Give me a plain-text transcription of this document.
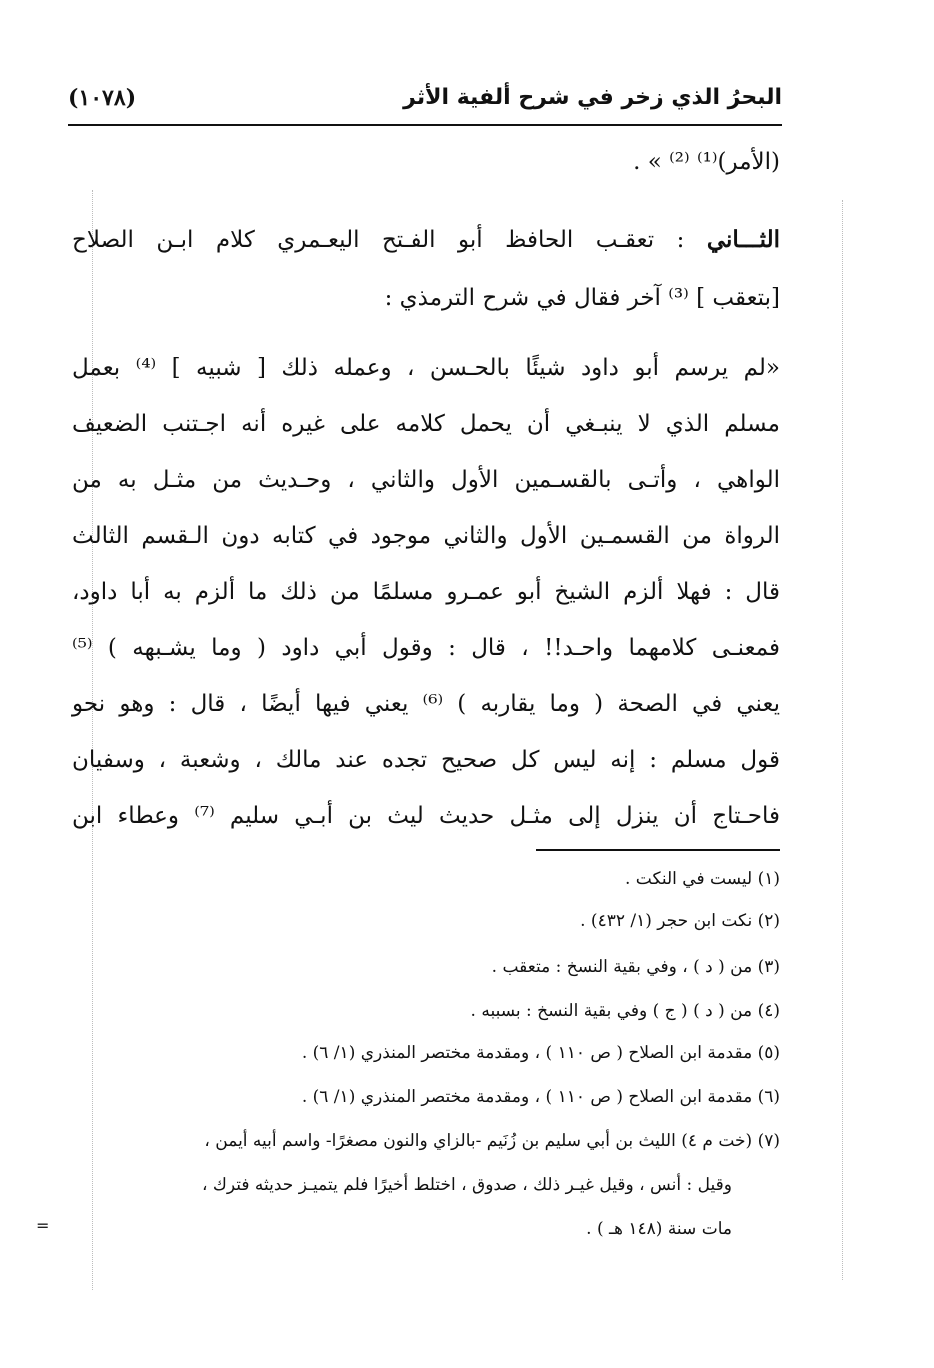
البحرُ الذي زخر في شرح ألفية الأثر
(١٠٧٨)
(الأمر)⁽¹⁾ ⁽²⁾ » .
الثـــاني : تعقـب الحافظ أبو الفـتح اليعـمري كلام ابـن الصلاح
[بتعقب ] ⁽³⁾ آخر فقال في شرح الترمذي :
«لم يرسم أبو داود شيئًا بالحـسن ، وعمله ذلك [ شبيه ] ⁽⁴⁾ بعمل
مسلم الذي لا ينبـغي أن يحمل كلامه على غيره أنه اجـتنب الضعيف
الواهي ، وأتـى بالقسـمين الأول والثاني ، وحـديث من مثـل به من
الرواة من القسمـين الأول والثاني موجود في كتابه دون الـقسم الثالث
قال : فهلا ألزم الشيخ أبو عمـرو مسلمًا من ذلك ما ألزم به أبا داود،
فمعنـى كلامهما واحـد!! ، قال : وقول أبي داود ( وما يشـبهه ) ⁽⁵⁾
يعني في الصحة ( وما يقاربه ) ⁽⁶⁾ يعني فيها أيضًا ، قال : وهو نحو
قول مسلم : إنه ليس كل صحيح تجده عند مالك ، وشعبة ، وسفيان
فاحـتاج أن ينزل إلى مثـل حديث ليث بن أبـي سليم ⁽⁷⁾ وعطاء ابن
(١) ليست في النكت .
(٢) نكت ابن حجر (١/ ٤٣٢) .
(٣) من ( د ) ، وفي بقية النسخ : متعقب .
(٤) من ( د ) ( ج ) وفي بقية النسخ : بسببه .
(٥) مقدمة ابن الصلاح ( ص ١١٠ ) ، ومقدمة مختصر المنذري (١/ ٦) .
(٦) مقدمة ابن الصلاح ( ص ١١٠ ) ، ومقدمة مختصر المنذري (١/ ٦) .
(٧) (خت م ٤) الليث بن أبي سليم بن زُنَيم -بالزاي والنون مصغرًا- واسم أبيه أيمن ،
وقيل : أنس ، وقيل غيـر ذلك ، صدوق ، اختلط أخيرًا فلم يتميـز حديثه فترك ،
مات سنة (١٤٨ هـ ) .
=
